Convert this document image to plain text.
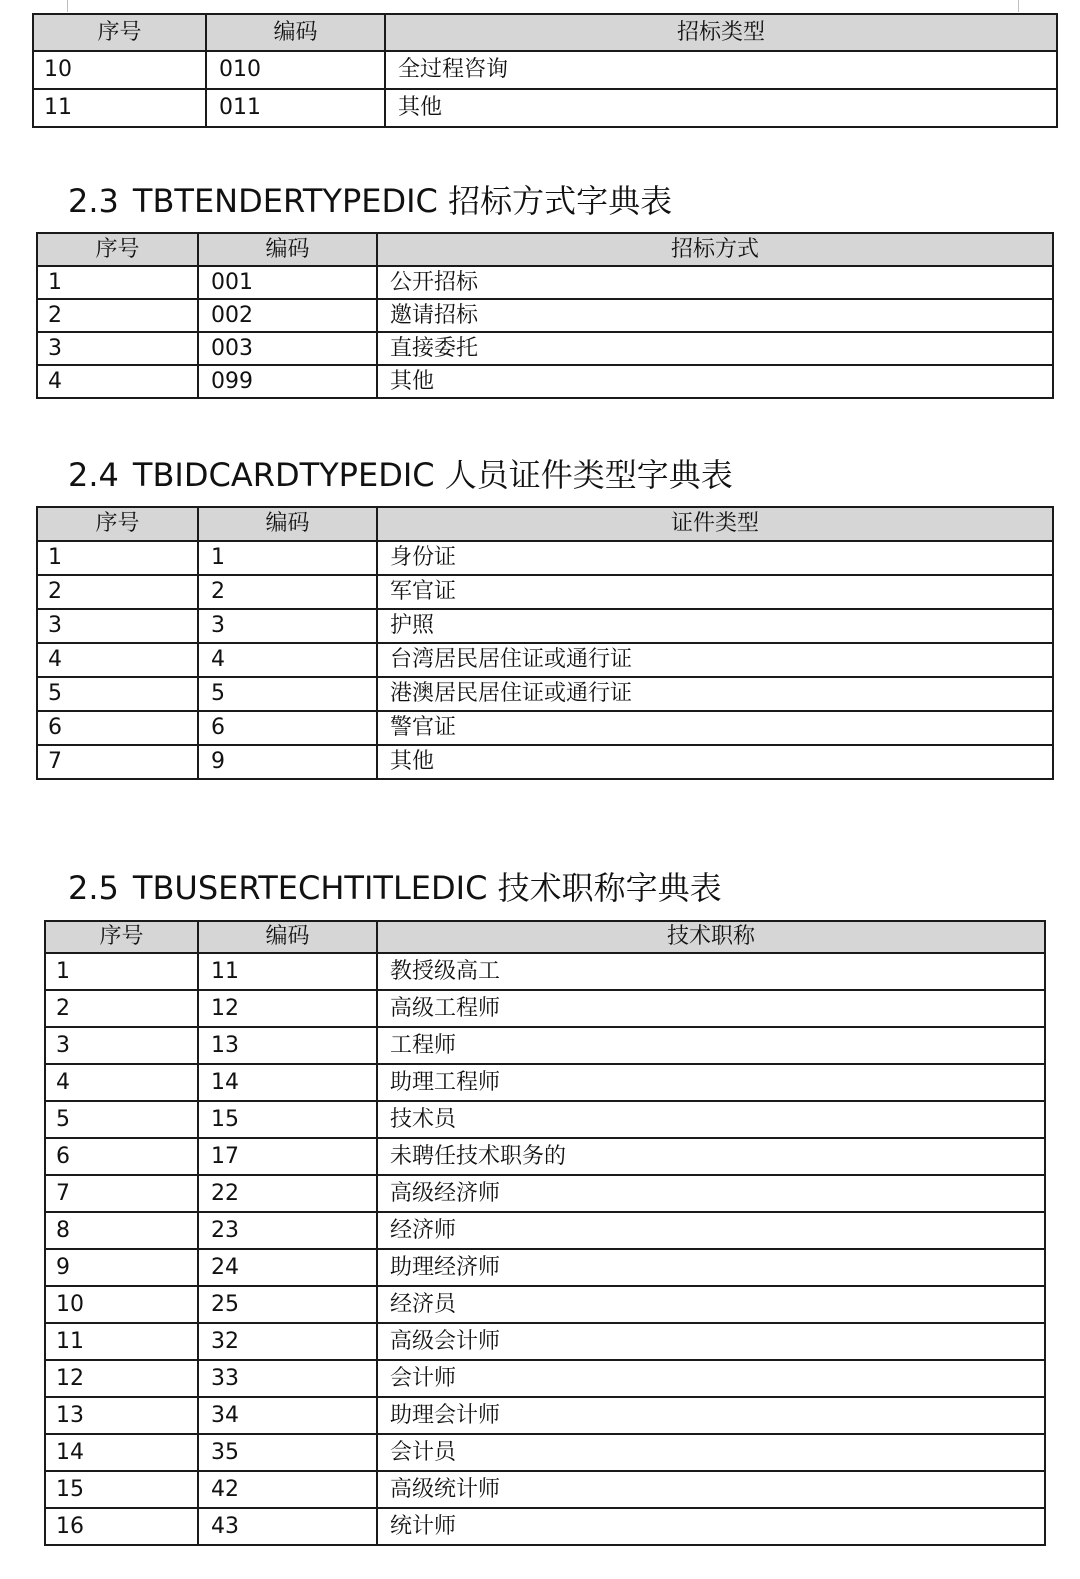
序号	编码	招标类型
10	010	全过程咨询
11	011	其他
2.3 TBTENDERTYPEDIC 招标方式字典表
序号	编码	招标方式
1	001	公开招标
2	002	邀请招标
3	003	直接委托
4	099	其他
2.4 TBIDCARDTYPEDIC 人员证件类型字典表
序号	编码	证件类型
1	1	身份证
2	2	军官证
3	3	护照
4	4	台湾居民居住证或通行证
5	5	港澳居民居住证或通行证
6	6	警官证
7	9	其他
2.5 TBUSERTECHTITLEDIC 技术职称字典表
序号	编码	技术职称
1	11	教授级高工
2	12	高级工程师
3	13	工程师
4	14	助理工程师
5	15	技术员
6	17	未聘任技术职务的
7	22	高级经济师
8	23	经济师
9	24	助理经济师
10	25	经济员
11	32	高级会计师
12	33	会计师
13	34	助理会计师
14	35	会计员
15	42	高级统计师
16	43	统计师
